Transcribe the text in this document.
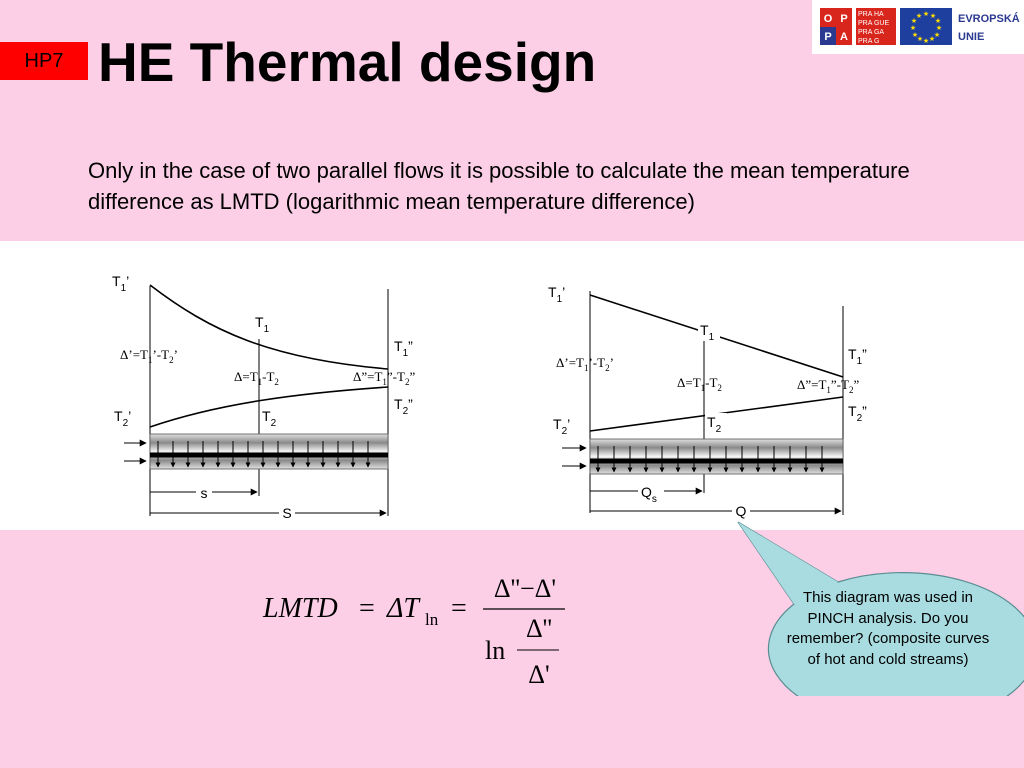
HP7 HE Thermal design
O P
P A
PRA HA
PRA GUE
PRA GA
PRA G
★ ★
★
★
★
★
★
★
★
★
★
★	EVROPSKÁ
UNIE
Only in the case of two parallel flows it is possible to calculate the mean temperature difference as LMTD (logarithmic mean temperature difference)
s
S
$T_1$’
$T_1$
$T_1$”
$T_2$’	$T_2$
$T_2$”
$\Delta’=T_1’-T_2$’
$\Delta=T_1-T_2$	$\Delta”=T_1”-T_2$”
$Q_s$
Q
$T_1$’
$T_1$
$T_1$”
$T_2$’	$T_2$
$T_2$”
$\Delta’=T_1’-T_2$’
$\Delta=T_1-T_2$	$\Delta”=T_1”-T_2$”
LMTD = ΔT ln =
Δ''−Δ'
ln
Δ''
Δ'
This diagram was used in PINCH analysis. Do you remember? (composite curves of hot and cold streams)
